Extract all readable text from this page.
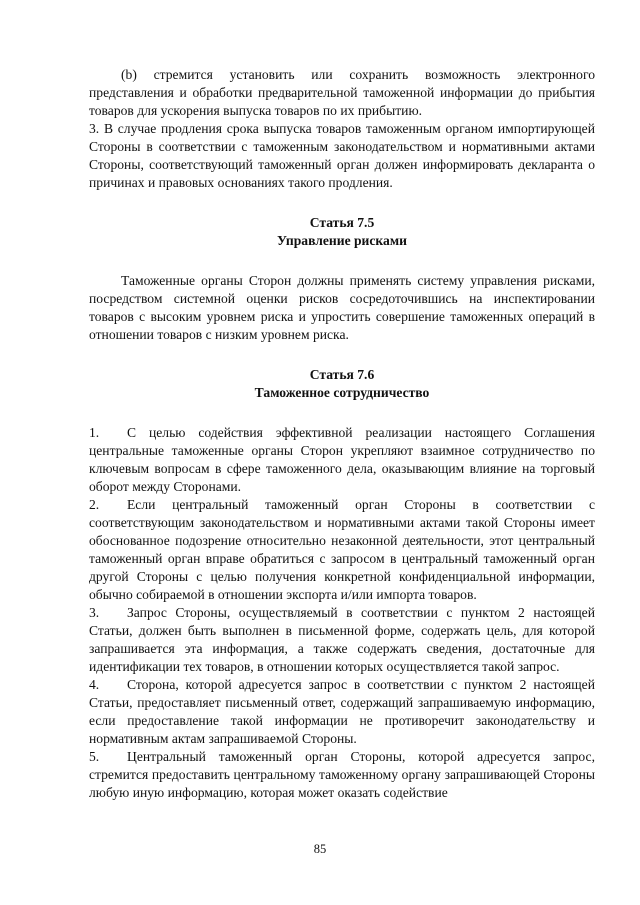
(b) стремится установить или сохранить возможность электронного представления и обработки предварительной таможенной информации до прибытия товаров для ускорения выпуска товаров по их прибытию.

3. В случае продления срока выпуска товаров таможенным органом импортирующей Стороны в соответствии с таможенным законодательством и нормативными актами Стороны, соответствующий таможенный орган должен информировать декларанта о причинах и правовых основаниях такого продления.

Статья 7.5

Управление рисками

Таможенные органы Сторон должны применять систему управления рисками, посредством системной оценки рисков сосредоточившись на инспектировании товаров с высоким уровнем риска и упростить совершение таможенных операций в отношении товаров с низким уровнем риска.

Статья 7.6

Таможенное сотрудничество

1. С целью содействия эффективной реализации настоящего Соглашения центральные таможенные органы Сторон укрепляют взаимное сотрудничество по ключевым вопросам в сфере таможенного дела, оказывающим влияние на торговый оборот между Сторонами.

2. Если центральный таможенный орган Стороны в соответствии с соответствующим законодательством и нормативными актами такой Стороны имеет обоснованное подозрение относительно незаконной деятельности, этот центральный таможенный орган вправе обратиться с запросом в центральный таможенный орган другой Стороны с целью получения конкретной конфиденциальной информации, обычно собираемой в отношении экспорта и/или импорта товаров.

3. Запрос Стороны, осуществляемый в соответствии с пунктом 2 настоящей Статьи, должен быть выполнен в письменной форме, содержать цель, для которой запрашивается эта информация, а также содержать сведения, достаточные для идентификации тех товаров, в отношении которых осуществляется такой запрос.

4. Сторона, которой адресуется запрос в соответствии с пунктом 2 настоящей Статьи, предоставляет письменный ответ, содержащий запрашиваемую информацию, если предоставление такой информации не противоречит законодательству и нормативным актам запрашиваемой Стороны.

5. Центральный таможенный орган Стороны, которой адресуется запрос, стремится предоставить центральному таможенному органу запрашивающей Стороны любую иную информацию, которая может оказать содействие

85
